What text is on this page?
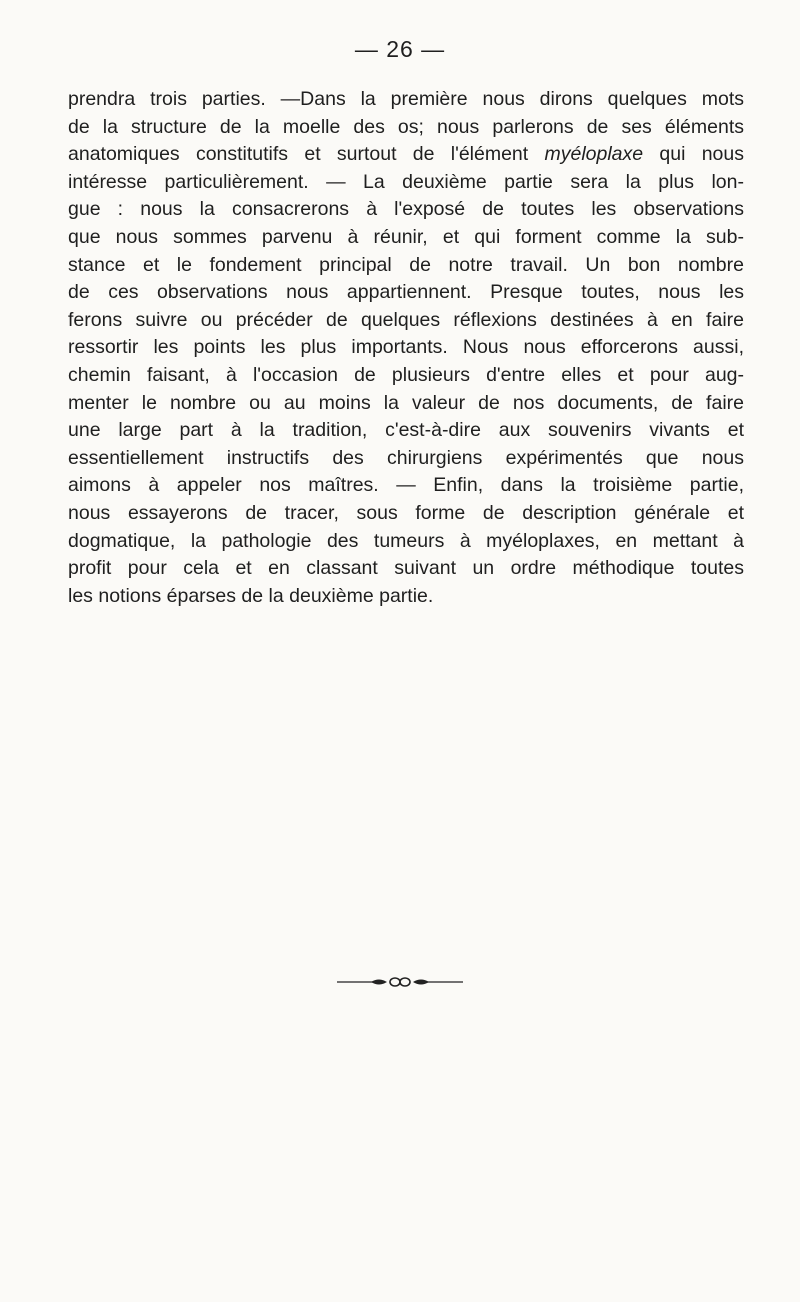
— 26 —
prendra trois parties. —Dans la première nous dirons quelques mots
de la structure de la moelle des os; nous parlerons de ses éléments
anatomiques constitutifs et surtout de l'élément myéloplaxe qui nous
intéresse particulièrement. — La deuxième partie sera la plus lon-
gue : nous la consacrerons à l'exposé de toutes les observations
que nous sommes parvenu à réunir, et qui forment comme la sub-
stance et le fondement principal de notre travail. Un bon nombre
de ces observations nous appartiennent. Presque toutes, nous les
ferons suivre ou précéder de quelques réflexions destinées à en faire
ressortir les points les plus importants. Nous nous efforcerons aussi,
chemin faisant, à l'occasion de plusieurs d'entre elles et pour aug-
menter le nombre ou au moins la valeur de nos documents, de faire
une large part à la tradition, c'est-à-dire aux souvenirs vivants et
essentiellement instructifs des chirurgiens expérimentés que nous
aimons à appeler nos maîtres. — Enfin, dans la troisième partie,
nous essayerons de tracer, sous forme de description générale et
dogmatique, la pathologie des tumeurs à myéloplaxes, en mettant à
profit pour cela et en classant suivant un ordre méthodique toutes
les notions éparses de la deuxième partie.
